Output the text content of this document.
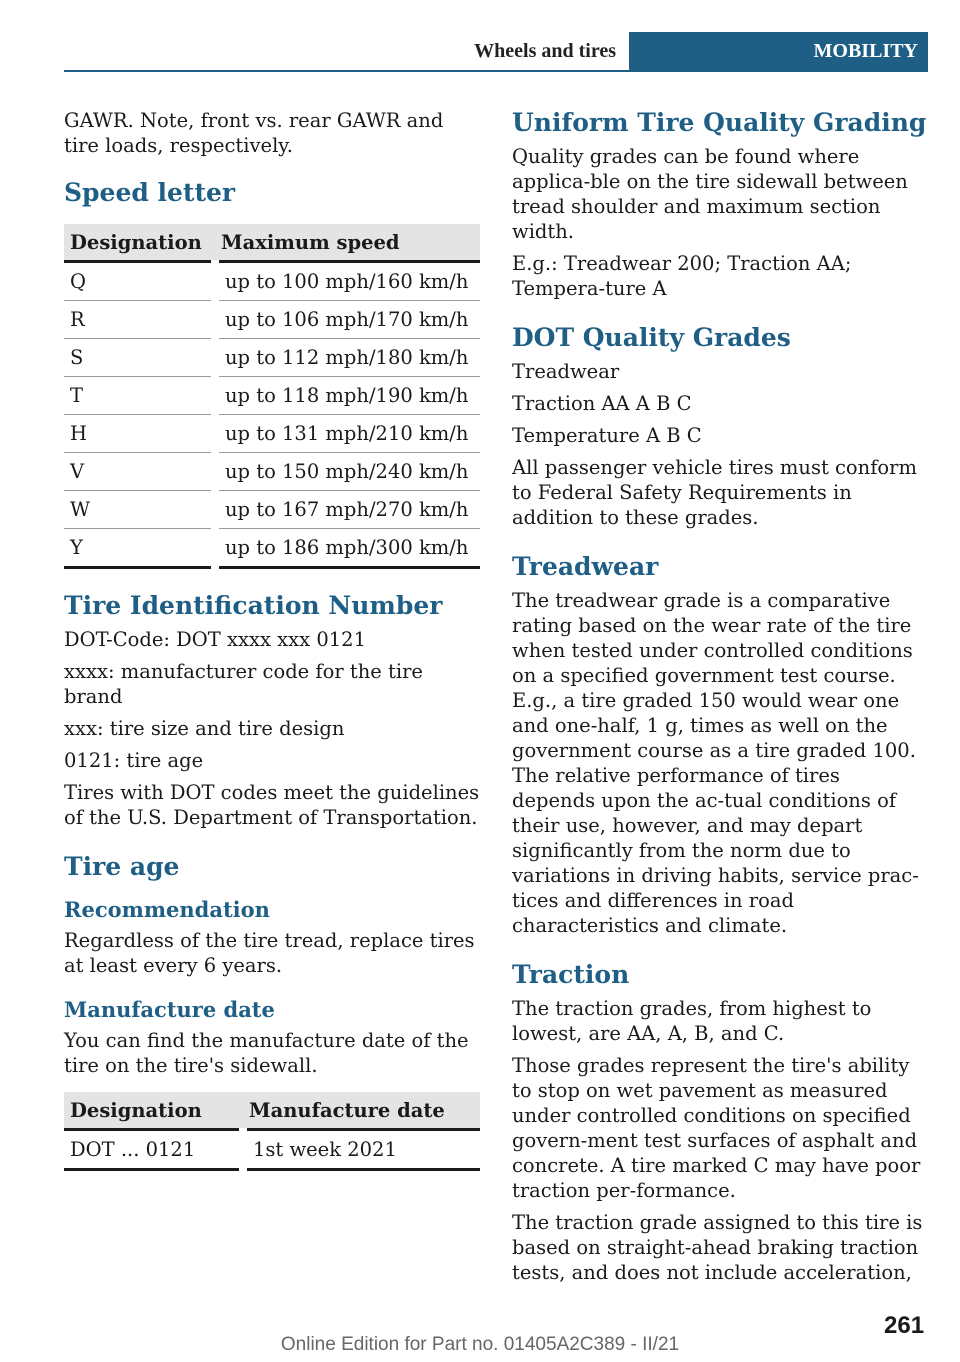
Wheels and tires	MOBILITY

GAWR. Note, front vs. rear GAWR and tire loads, respectively.

Speed letter
Designation	Maximum speed
Q	up to 100 mph/160 km/h
R	up to 106 mph/170 km/h
S	up to 112 mph/180 km/h
T	up to 118 mph/190 km/h
H	up to 131 mph/210 km/h
V	up to 150 mph/240 km/h
W	up to 167 mph/270 km/h
Y	up to 186 mph/300 km/h
Tire Identification Number

DOT-Code: DOT xxxx xxx 0121

xxxx: manufacturer code for the tire brand

xxx: tire size and tire design

0121: tire age

Tires with DOT codes meet the guidelines of the U.S. Department of Transportation.

Tire age
Recommendation

Regardless of the tire tread, replace tires at least every 6 years.

Manufacture date

You can find the manufacture date of the tire on the tire's sidewall.

Designation	Manufacture date
DOT ... 0121	1st week 2021
Uniform Tire Quality Grading

Quality grades can be found where applica-ble on the tire sidewall between tread shoulder and maximum section width.

E.g.: Treadwear 200; Traction AA; Tempera-ture A

DOT Quality Grades

Treadwear

Traction AA A B C

Temperature A B C

All passenger vehicle tires must conform to Federal Safety Requirements in addition to these grades.

Treadwear

The treadwear grade is a comparative rating based on the wear rate of the tire when tested under controlled conditions on a specified government test course. E.g., a tire graded 150 would wear one and one-half, 1 g, times as well on the government course as a tire graded 100. The relative performance of tires depends upon the ac-tual conditions of their use, however, and may depart significantly from the norm due to variations in driving habits, service prac-tices and differences in road characteristics and climate.

Traction

The traction grades, from highest to lowest, are AA, A, B, and C.

Those grades represent the tire's ability to stop on wet pavement as measured under controlled conditions on specified govern-ment test surfaces of asphalt and concrete. A tire marked C may have poor traction per-formance.

The traction grade assigned to this tire is based on straight-ahead braking traction tests, and does not include acceleration,

261
Online Edition for Part no. 01405A2C389 - II/21
